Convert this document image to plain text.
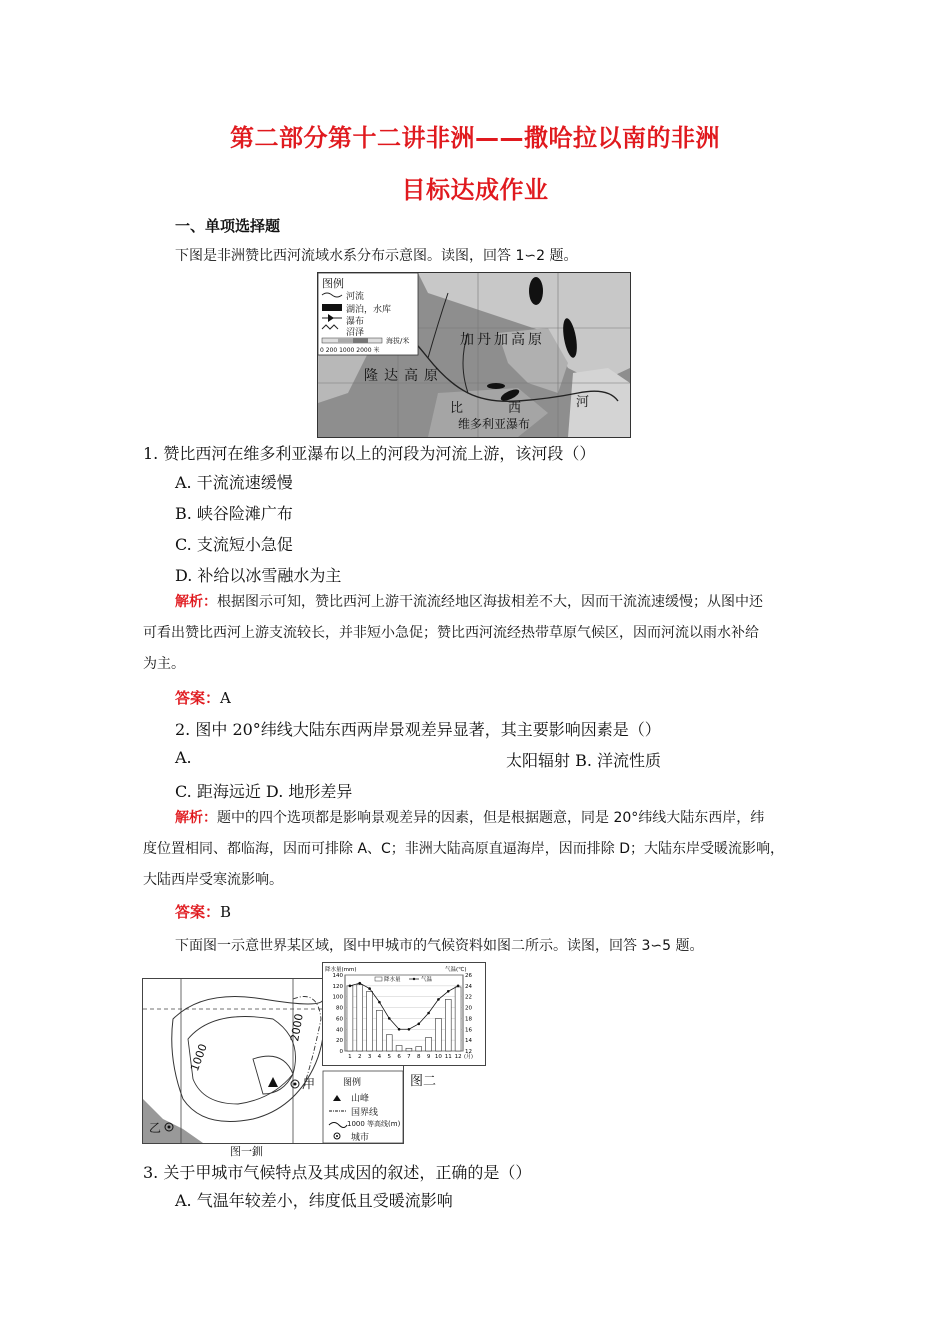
第二部分第十二讲非洲——撒哈拉以南的非洲
目标达成作业
一、单项选择题
下图是非洲赞比西河流域水系分布示意图。读图，回答 1∽2 题。
图例
河流
湖泊，水库
瀑布
沼泽
海拔/米
0 200 1000 2000 米
加丹加高原
隆达高原
比	西	河
维多利亚瀑布
1. 赞比西河在维多利亚瀑布以上的河段为河流上游，该河段（）
A. 干流流速缓慢
B. 峡谷险滩广布
C. 支流短小急促
D. 补给以冰雪融水为主
解析：根据图示可知，赞比西河上游干流流经地区海拔相差不大，因而干流流速缓慢；从图中还
可看出赞比西河上游支流较长，并非短小急促；赞比西河流经热带草原气候区，因而河流以雨水补给
为主。
答案：A
2. 图中 20°纬线大陆东西两岸景观差异显著，其主要影响因素是（）
A.	太阳辐射 B. 洋流性质
C. 距海远近 D. 地形差异
解析：题中的四个选项都是影响景观差异的因素，但是根据题意，同是 20°纬线大陆东西岸，纬
度位置相同、都临海，因而可排除 A、C；非洲大陆高原直逼海岸，因而排除 D；大陆东岸受暖流影响，
大陆西岸受寒流影响。
答案：B
下面图一示意世界某区域，图中甲城市的气候资料如图二所示。读图，回答 3∽5 题。
1000
2000
甲
乙
图例
山峰
国界线
1000 等高线(m)
城市
图一釧
140
120
100
80
60
40
20
0
26
24
22
20
18
16
14
12
降水量(mm)	气温(℃)
降水量	气温
1 2 3 4 5 6 7 8 9 10 11 12 (月)
图二
3. 关于甲城市气候特点及其成因的叙述，正确的是（）
A. 气温年较差小，纬度低且受暖流影响
